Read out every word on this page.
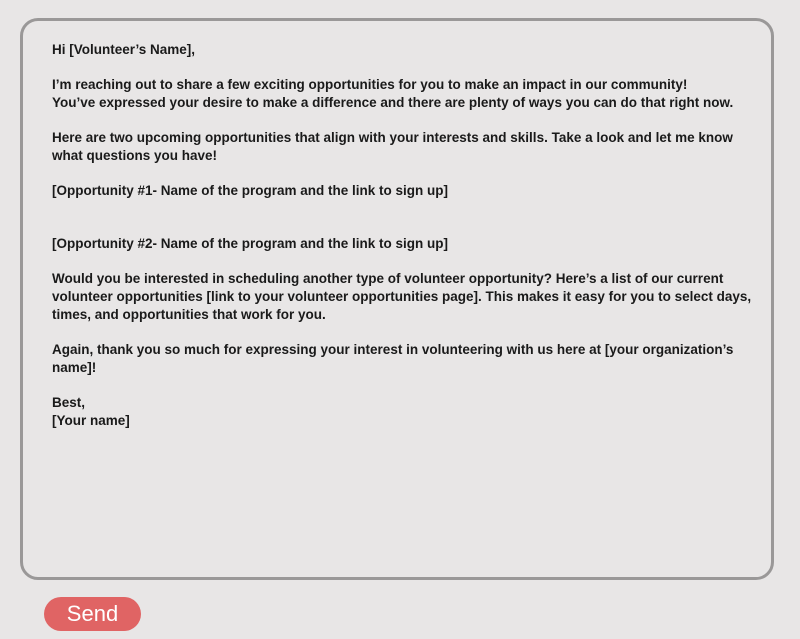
Hi [Volunteer’s Name],

I’m reaching out to share a few exciting opportunities for you to make an impact in our community!
You’ve expressed your desire to make a difference and there are plenty of ways you can do that right now.

Here are two upcoming opportunities that align with your interests and skills. Take a look and let me know
what questions you have!

[Opportunity #1- Name of the program and the link to sign up]

[Opportunity #2- Name of the program and the link to sign up]

Would you be interested in scheduling another type of volunteer opportunity? Here’s a list of our current
volunteer opportunities [link to your volunteer opportunities page]. This makes it easy for you to select days,
times, and opportunities that work for you.

Again, thank you so much for expressing your interest in volunteering with us here at [your organization’s
name]!

Best,
[Your name]

Send
